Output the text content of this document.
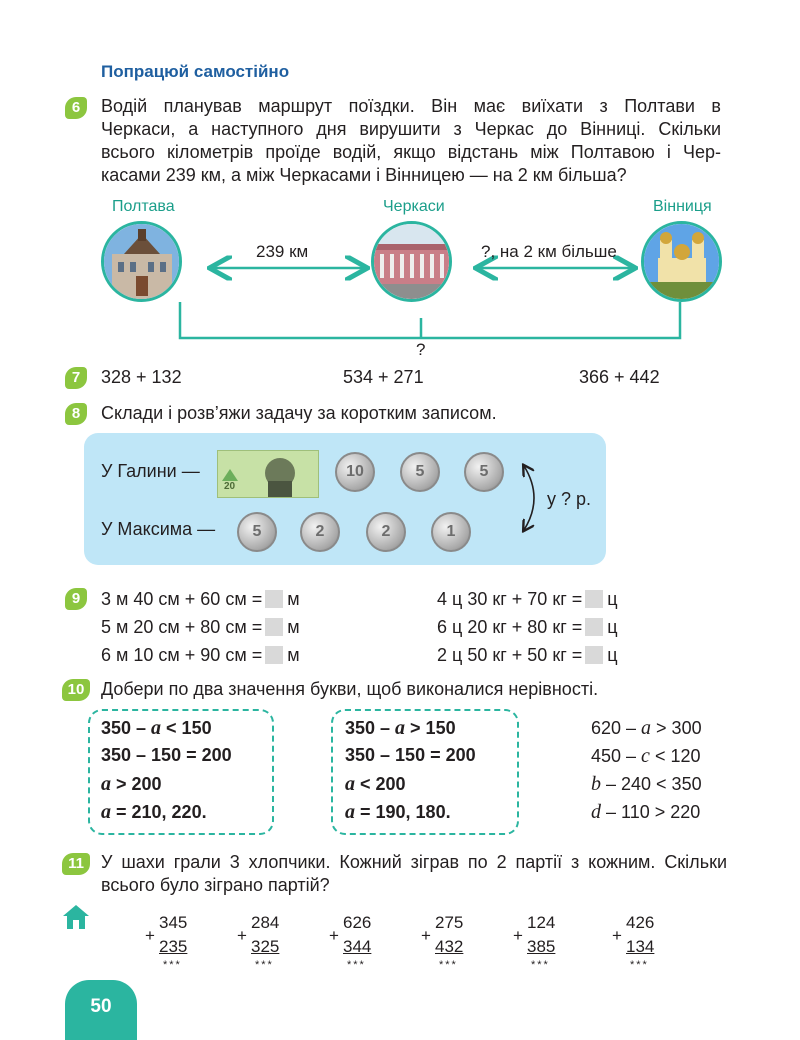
Попрацюй самостійно
6	Водій планував маршрут поїздки. Він має виїхати з Полтави в
Черкаси, а наступного дня вирушити з Черкас до Вінниці. Скільки
всього кілометрів проїде водій, якщо відстань між Полтавою і Чер-
касами 239 км, а між Черкасами і Вінницею — на 2 км більша?
Полтава	Черкаси	Вінниця
239 км	?, на 2 км більше
?
7	328 + 132	534 + 271	366 + 442
8	Склади і розв’яжи задачу за коротким записом.
У Галини —
У Максима —
20
10	5	5
5	2	2	1
у ? р.
9	3 м 40 см + 60 см = м
5 м 20 см + 80 см = м
6 м 10 см + 90 см = м
4 ц 30 кг + 70 кг = ц
6 ц 20 кг + 80 кг = ц
2 ц 50 кг + 50 кг = ц
10 Добери по два значення букви, щоб виконалися нерівності.
350 – a < 150
350 – 150 = 200
a > 200
a = 210, 220.
350 – a > 150
350 – 150 = 200
a < 200
a = 190, 180.
620 – a > 300
450 – c < 120
b – 240 < 350
d – 110 > 220
11 У шахи грали 3 хлопчики. Кожний зіграв по 2 партії з кожним. Скільки
всього було зіграно партій?
+
345
235
***
+
284
325
***
+
626
344
***
+
275
432
***
+
124
385
***
+
426
134
***
50
